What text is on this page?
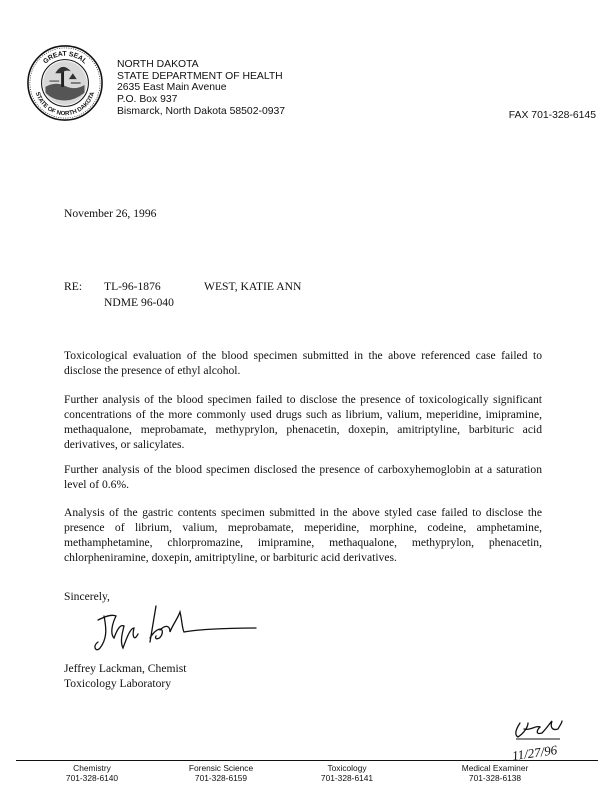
GREAT SEAL
STATE OF NORTH DAKOTA
NORTH DAKOTA
STATE DEPARTMENT OF HEALTH
2635 East Main Avenue
P.O. Box 937
Bismarck, North Dakota 58502-0937	FAX 701-328-6145
November 26, 1996
RE: TL-96-1876	WEST, KATIE ANN
NDME 96-040

Toxicological evaluation of the blood specimen submitted in the above referenced case failed to disclose the presence of ethyl alcohol.

Further analysis of the blood specimen failed to disclose the presence of toxicologically significant concentrations of the more commonly used drugs such as librium, valium, meperidine, imipramine, methaqualone, meprobamate, methyprylon, phenacetin, doxepin, amitriptyline, barbituric acid derivatives, or salicylates.

Further analysis of the blood specimen disclosed the presence of carboxyhemoglobin at a saturation level of 0.6%.

Analysis of the gastric contents specimen submitted in the above styled case failed to disclose the presence of librium, valium, meprobamate, meperidine, morphine, codeine, amphetamine, methamphetamine, chlorpromazine, imipramine, methaqualone, methyprylon, phenacetin, chlorpheniramine, doxepin, amitriptyline, or barbituric acid derivatives.

Sincerely,
Jeffrey Lackman, Chemist
Toxicology Laboratory
11/27/96
Chemistry
701-328-6140
Forensic Science
701-328-6159
Toxicology
701-328-6141
Medical Examiner
701-328-6138
